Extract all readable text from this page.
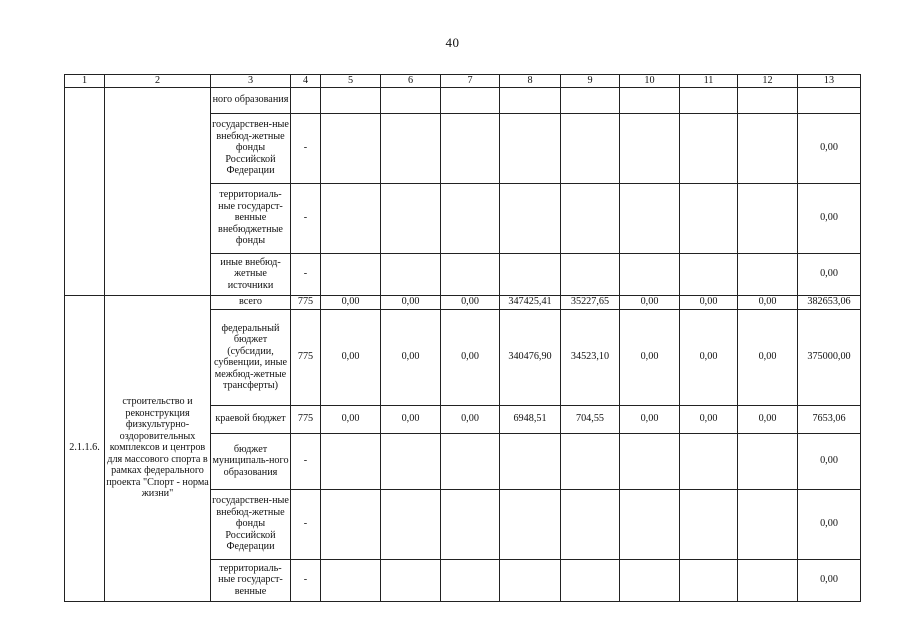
40
1	2	3	4	5	6	7	8	9	10	11	12	13
		ного образования										
		государствен-ные внебюд-жетные фонды Российской Федерации	-									0,00
		территориаль-ные государст-венные внебюджетные фонды	-									0,00
		иные внебюд-жетные источники	-									0,00
2.1.1.6.	строительство и реконструкция физкультурно-оздоровительных комплексов и центров для массового спорта в рамках федерального проекта "Спорт - норма жизни"	всего	775	0,00	0,00	0,00	347425,41	35227,65	0,00	0,00	0,00	382653,06
		федеральный бюджет (субсидии, субвенции, иные межбюд-жетные трансферты)	775	0,00	0,00	0,00	340476,90	34523,10	0,00	0,00	0,00	375000,00
		краевой бюджет	775	0,00	0,00	0,00	6948,51	704,55	0,00	0,00	0,00	7653,06
		бюджет муниципаль-ного образования	-									0,00
		государствен-ные внебюд-жетные фонды Российской Федерации	-									0,00
		территориаль-ные государст-венные	-									0,00
